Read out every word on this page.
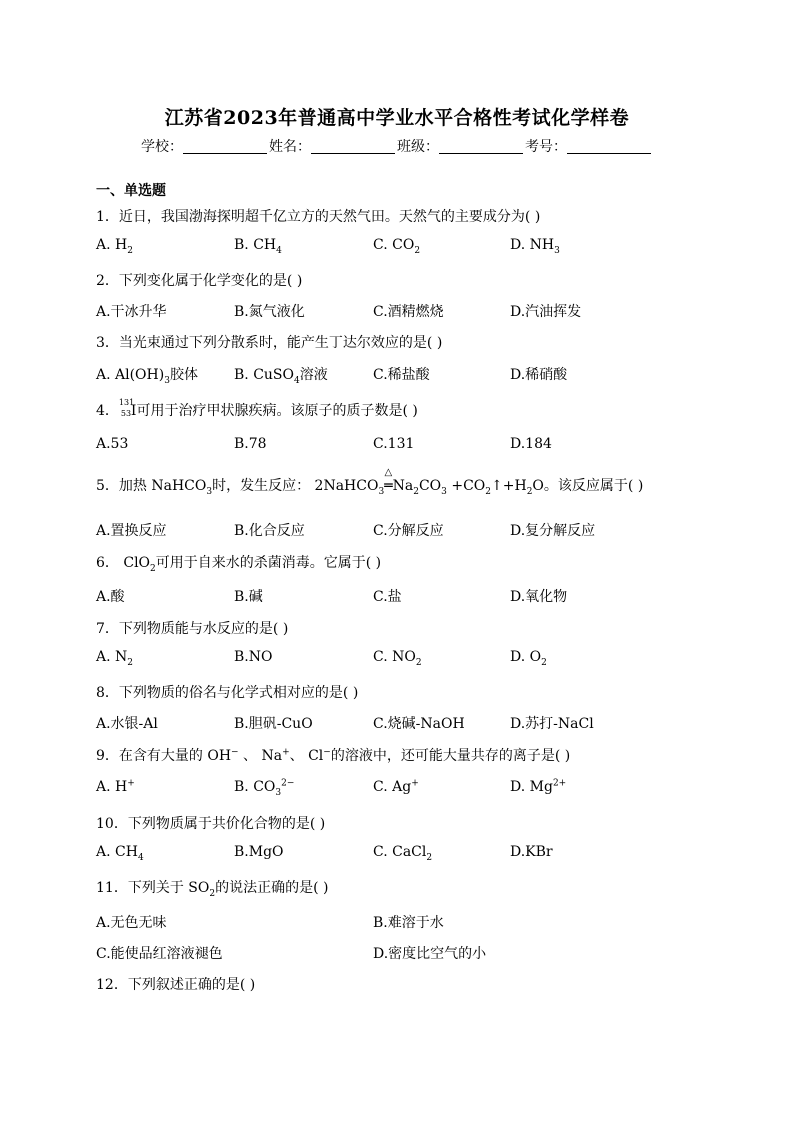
江苏省2023年普通高中学业水平合格性考试化学样卷
学校：	姓名：	班级：	考号：
一、单选题
1．近日，我国渤海探明超千亿立方的天然气田。天然气的主要成分为( )
A. $H_2$	B. $CH_4$	C. $CO_2$	D. $NH_3$
2．下列变化属于化学变化的是( )
A.干冰升华	B.氮气液化	C.酒精燃烧	D.汽油挥发
3．当光束通过下列分散系时，能产生丁达尔效应的是( )
A. $Al(OH)_3$胶体	B. CuSO$_4$溶液	C.稀盐酸	D.稀硝酸
4．
131
53 I可用于治疗甲状腺疾病。该原子的质子数是( )
A.53	B.78	C.131	D.184
5．加热 NaHCO$_3$时，发生反应： 2NaHCO$_3$
△
$═Na_2CO_3$ $+CO_2↑+H_2O$。该反应属于( )
A.置换反应	B.化合反应	C.分解反应	D.复分解反应
6． ClO$_2$可用于自来水的杀菌消毒。它属于( )
A.酸	B.碱	C.盐	D.氧化物
7．下列物质能与水反应的是( )
A. $N_2$	B.NO	C. $NO_2$	D. $O_2$
8．下列物质的俗名与化学式相对应的是( )
A.水银-Al	B.胆矾-CuO	C.烧碱-NaOH	D.苏打-NaCl
9．在含有大量的 OH− 、 Na+、 Cl−的溶液中，还可能大量共存的离子是( )
A. H+	B. $CO_3^{2-}$	C. Ag+	D. $Mg^{2+}$
10．下列物质属于共价化合物的是( )
A. $CH_4$	B.MgO	C. CaCl$_2$	D.KBr
11．下列关于 $SO_2$的说法正确的是( )
A.无色无味	B.难溶于水
C.能使品红溶液褪色	D.密度比空气的小
12．下列叙述正确的是( )
